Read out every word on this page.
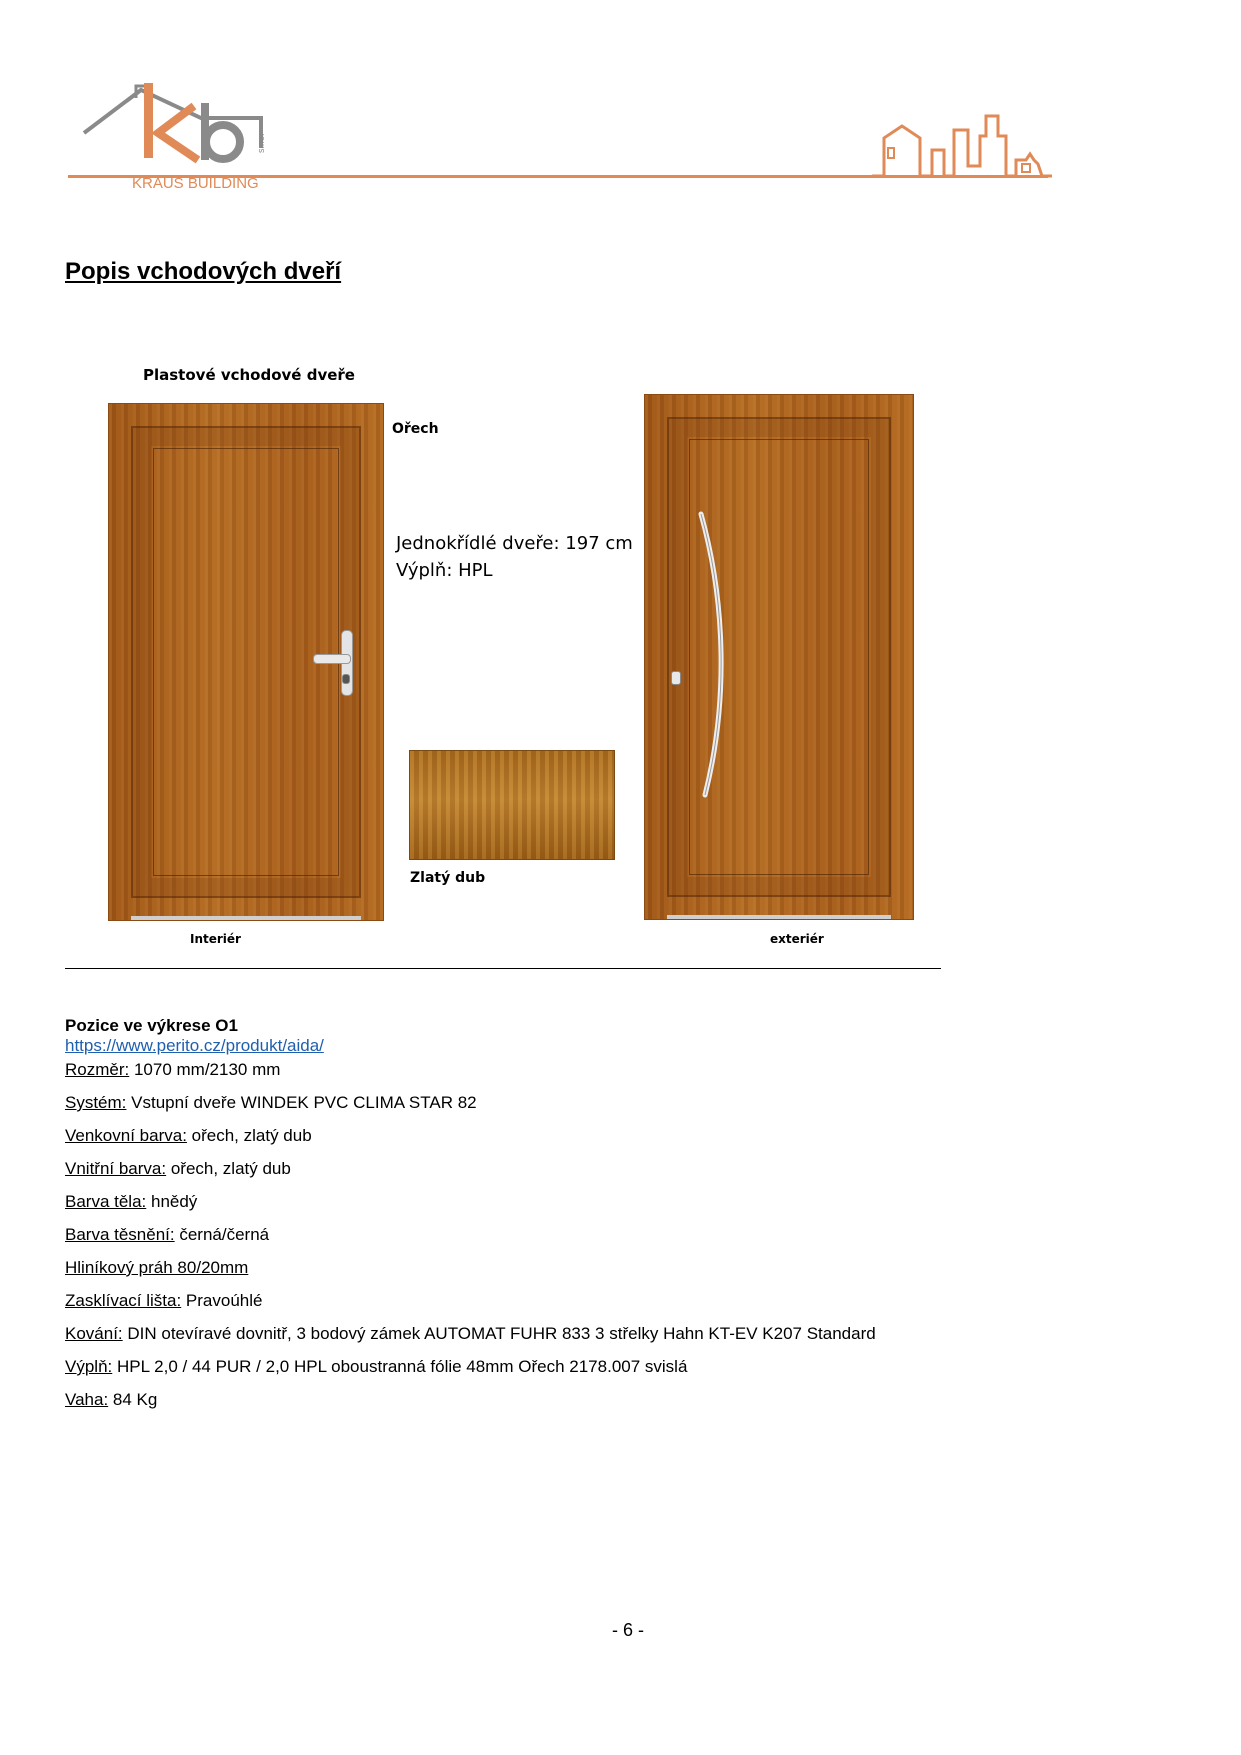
s.r.o.
KRAUS BUILDING
Popis vchodových dveří
Plastové vchodové dveře
Ořech
Jednokřídlé dveře: 197 cm
Výplň: HPL
Zlatý dub
Interiér	exteriér
Pozice ve výkrese O1
https://www.perito.cz/produkt/aida/
Rozměr: 1070 mm/2130 mm
Systém: Vstupní dveře WINDEK PVC CLIMA STAR 82
Venkovní barva: ořech, zlatý dub
Vnitřní barva: ořech, zlatý dub
Barva těla: hnědý
Barva těsnění: černá/černá
Hliníkový práh 80/20mm
Zasklívací lišta: Pravoúhlé
Kování: DIN otevíravé dovnitř, 3 bodový zámek AUTOMAT FUHR 833 3 střelky Hahn KT-EV K207 Standard
Výplň: HPL 2,0 / 44 PUR / 2,0 HPL oboustranná fólie 48mm Ořech 2178.007 svislá
Vaha: 84 Kg
- 6 -
